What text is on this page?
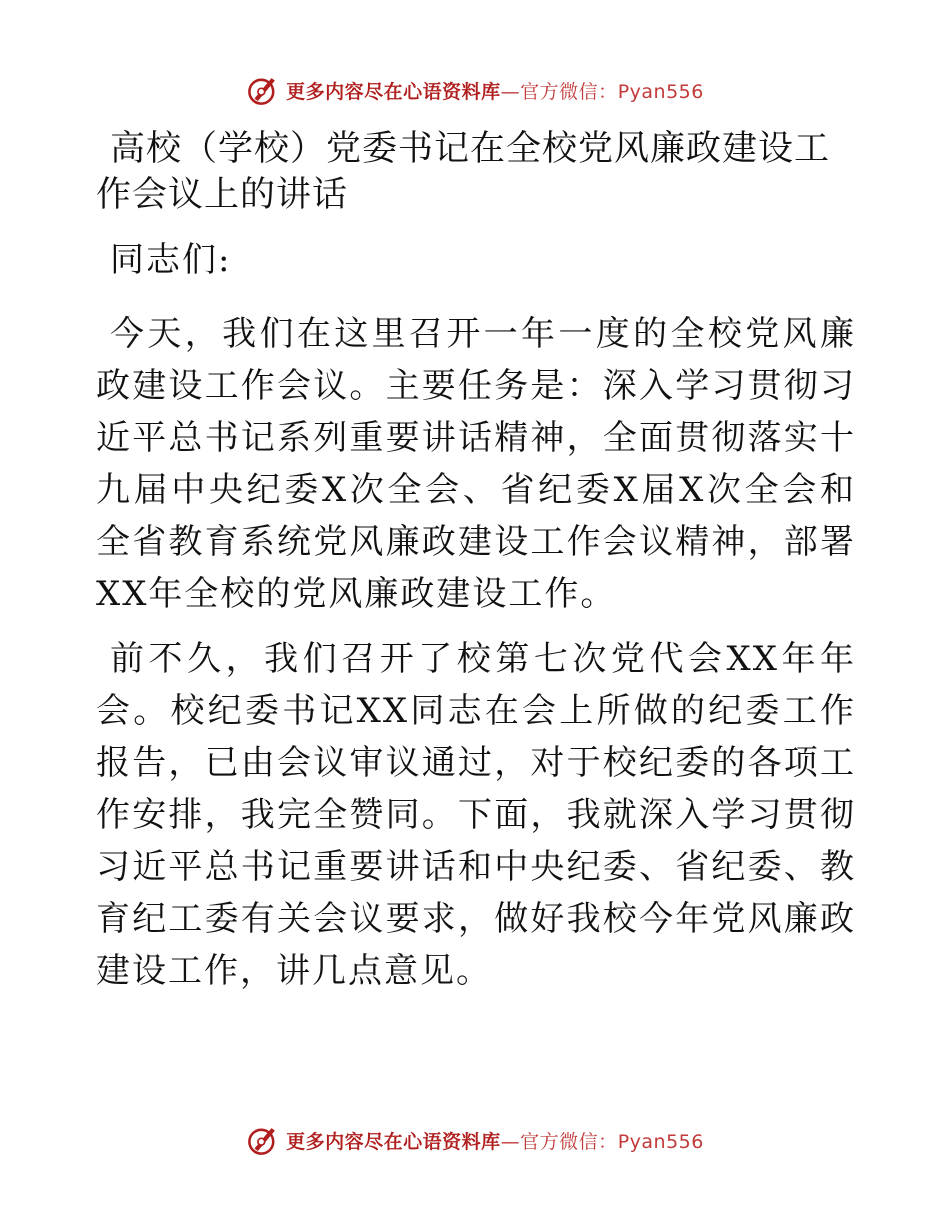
更多内容尽在心语资料库—官方微信：Pyan556
高校（学校）党委书记在全校党风廉政建设工作会议上的讲话

同志们:

今天，我们在这里召开一年一度的全校党风廉政建设工作会议。主要任务是：深入学习贯彻习近平总书记系列重要讲话精神，全面贯彻落实十九届中央纪委X次全会、省纪委X届X次全会和全省教育系统党风廉政建设工作会议精神，部署XX年全校的党风廉政建设工作。

前不久，我们召开了校第七次党代会XX年年会。校纪委书记XX同志在会上所做的纪委工作报告，已由会议审议通过，对于校纪委的各项工作安排，我完全赞同。下面，我就深入学习贯彻习近平总书记重要讲话和中央纪委、省纪委、教育纪工委有关会议要求，做好我校今年党风廉政建设工作，讲几点意见。

更多内容尽在心语资料库—官方微信：Pyan556
